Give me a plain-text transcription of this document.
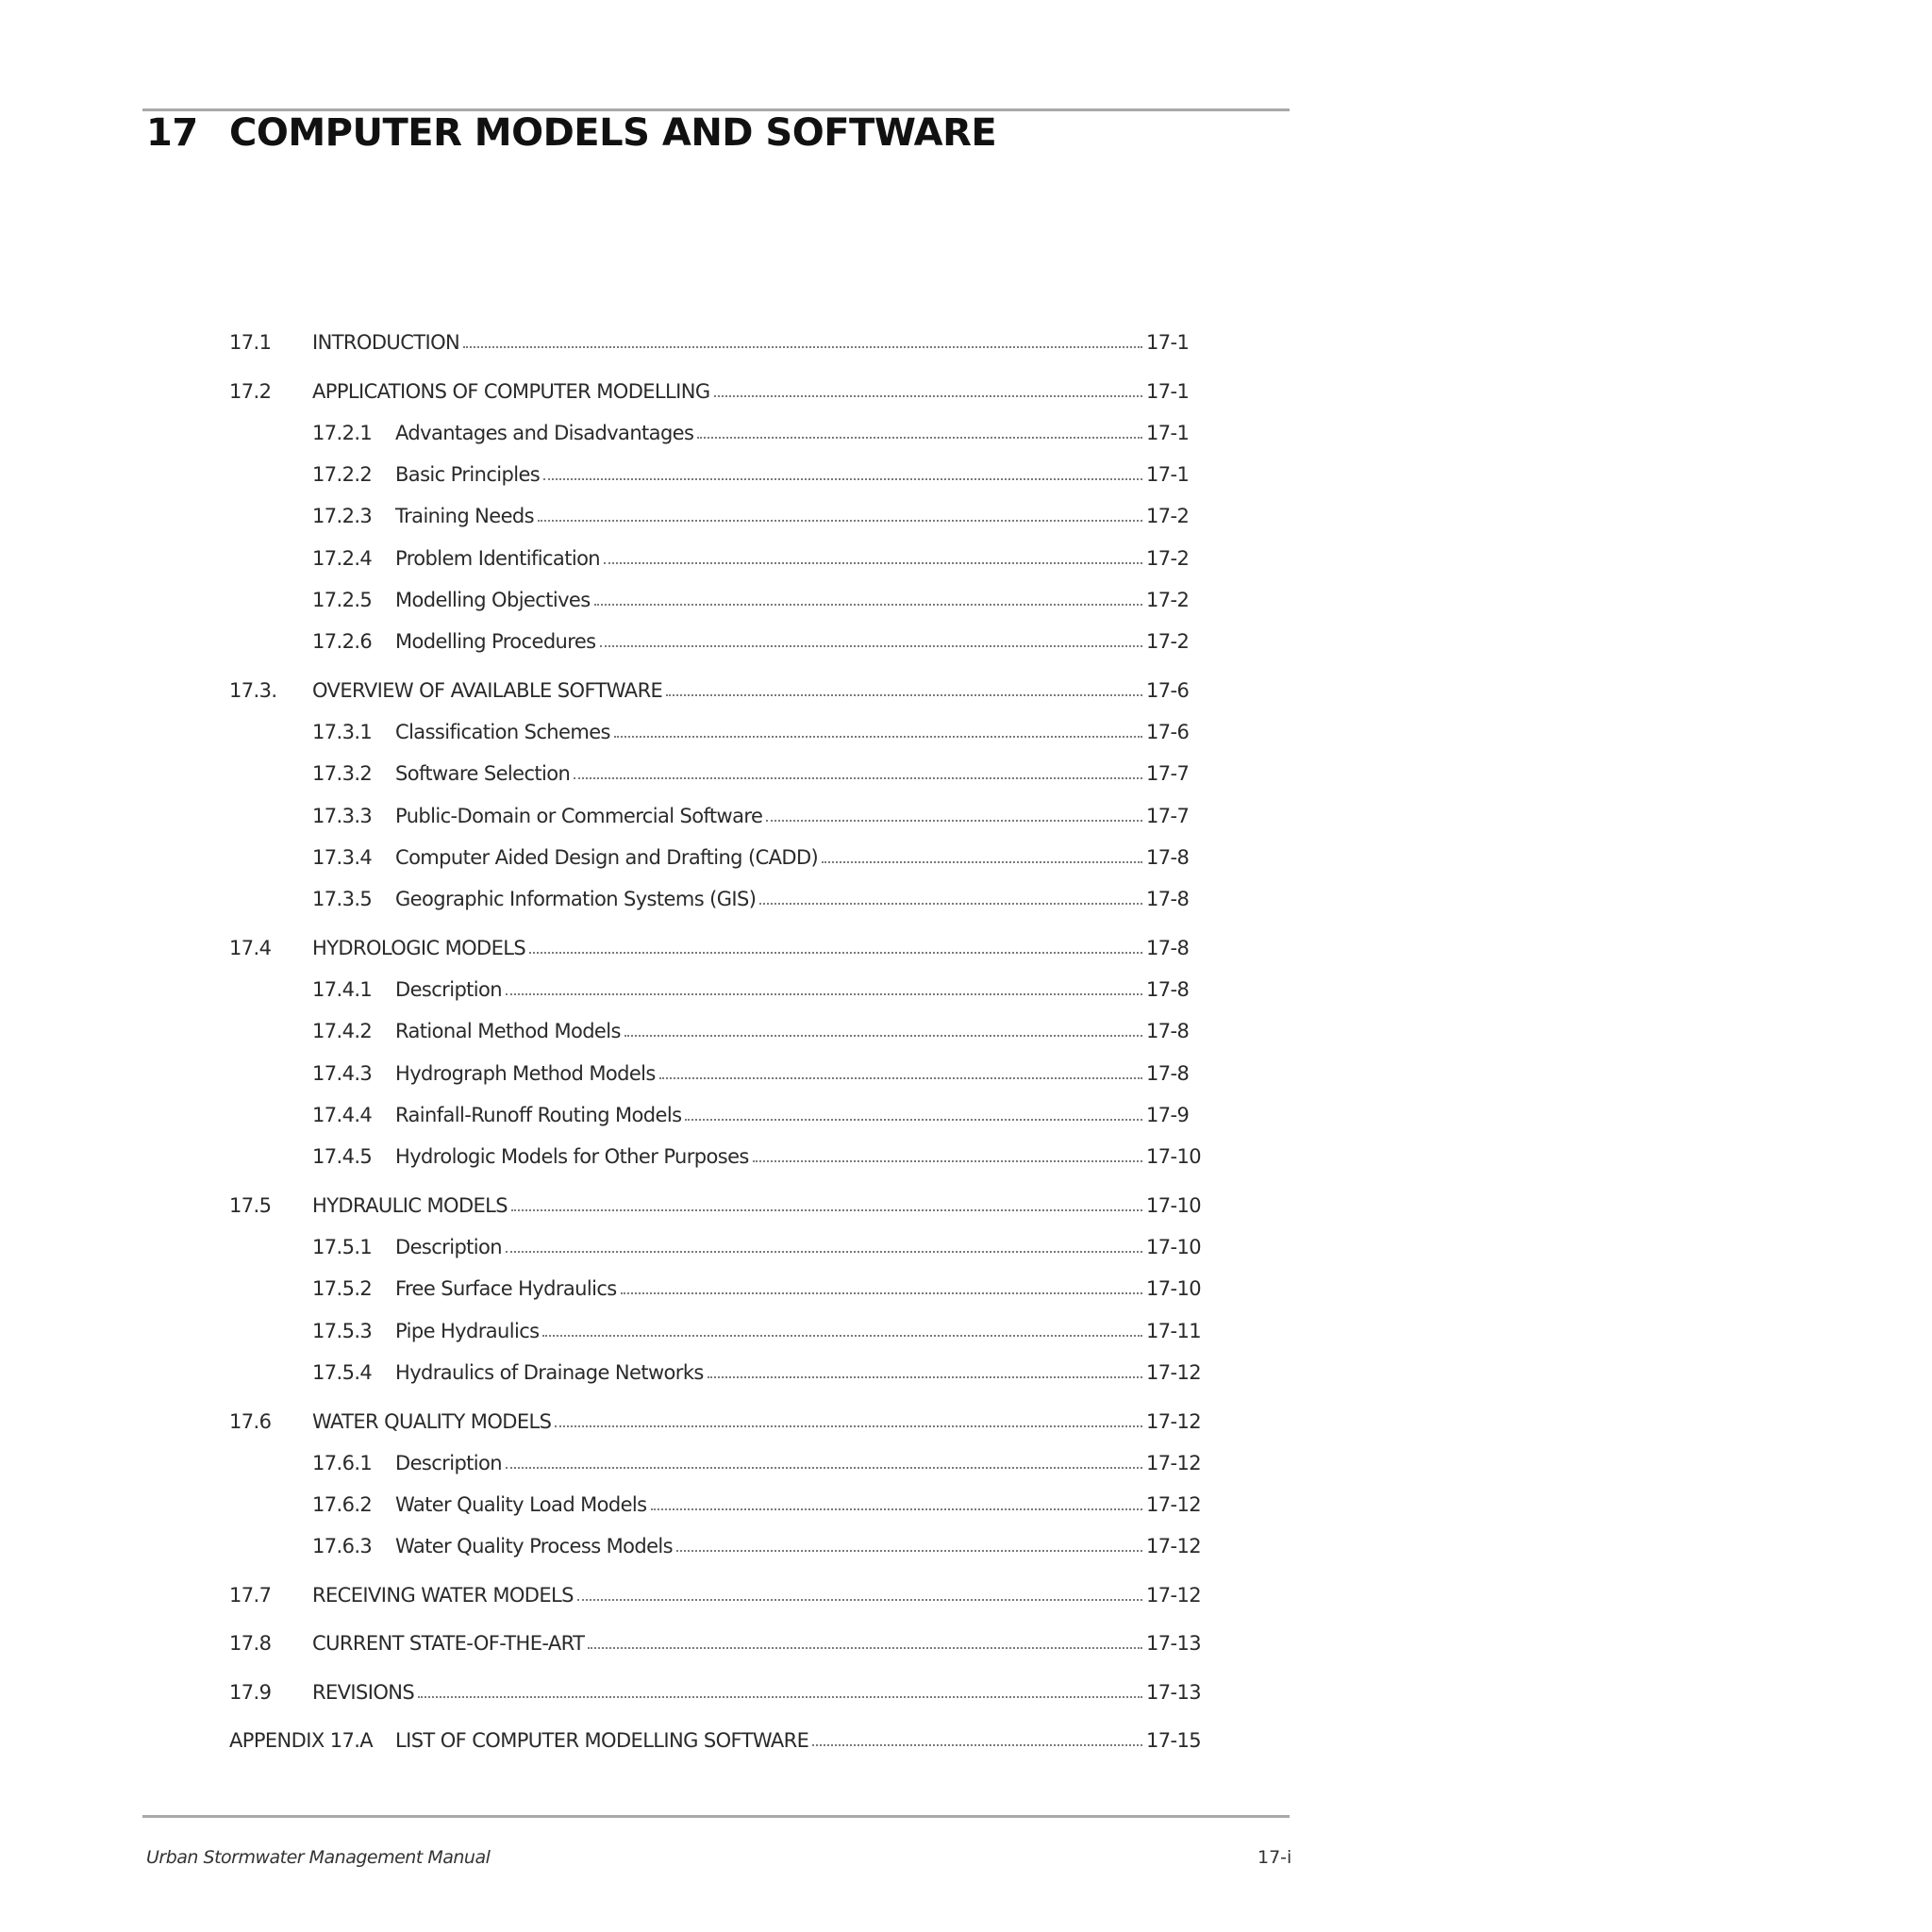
17 COMPUTER MODELS AND SOFTWARE
17.1	INTRODUCTION	17-1
17.2	APPLICATIONS OF COMPUTER MODELLING	17-1
17.2.1	Advantages and Disadvantages	17-1
17.2.2	Basic Principles	17-1
17.2.3	Training Needs	17-2
17.2.4	Problem Identification	17-2
17.2.5	Modelling Objectives	17-2
17.2.6	Modelling Procedures	17-2
17.3.	OVERVIEW OF AVAILABLE SOFTWARE	17-6
17.3.1	Classification Schemes	17-6
17.3.2	Software Selection	17-7
17.3.3	Public-Domain or Commercial Software	17-7
17.3.4	Computer Aided Design and Drafting (CADD)	17-8
17.3.5	Geographic Information Systems (GIS)	17-8
17.4	HYDROLOGIC MODELS	17-8
17.4.1	Description	17-8
17.4.2	Rational Method Models	17-8
17.4.3	Hydrograph Method Models	17-8
17.4.4	Rainfall-Runoff Routing Models	17-9
17.4.5	Hydrologic Models for Other Purposes	17-10
17.5	HYDRAULIC MODELS	17-10
17.5.1	Description	17-10
17.5.2	Free Surface Hydraulics	17-10
17.5.3	Pipe Hydraulics	17-11
17.5.4	Hydraulics of Drainage Networks	17-12
17.6	WATER QUALITY MODELS	17-12
17.6.1	Description	17-12
17.6.2	Water Quality Load Models	17-12
17.6.3	Water Quality Process Models	17-12
17.7	RECEIVING WATER MODELS	17-12
17.8	CURRENT STATE-OF-THE-ART	17-13
17.9	REVISIONS	17-13
APPENDIX 17.A	LIST OF COMPUTER MODELLING SOFTWARE	17-15
Urban Stormwater Management Manual	17-i
